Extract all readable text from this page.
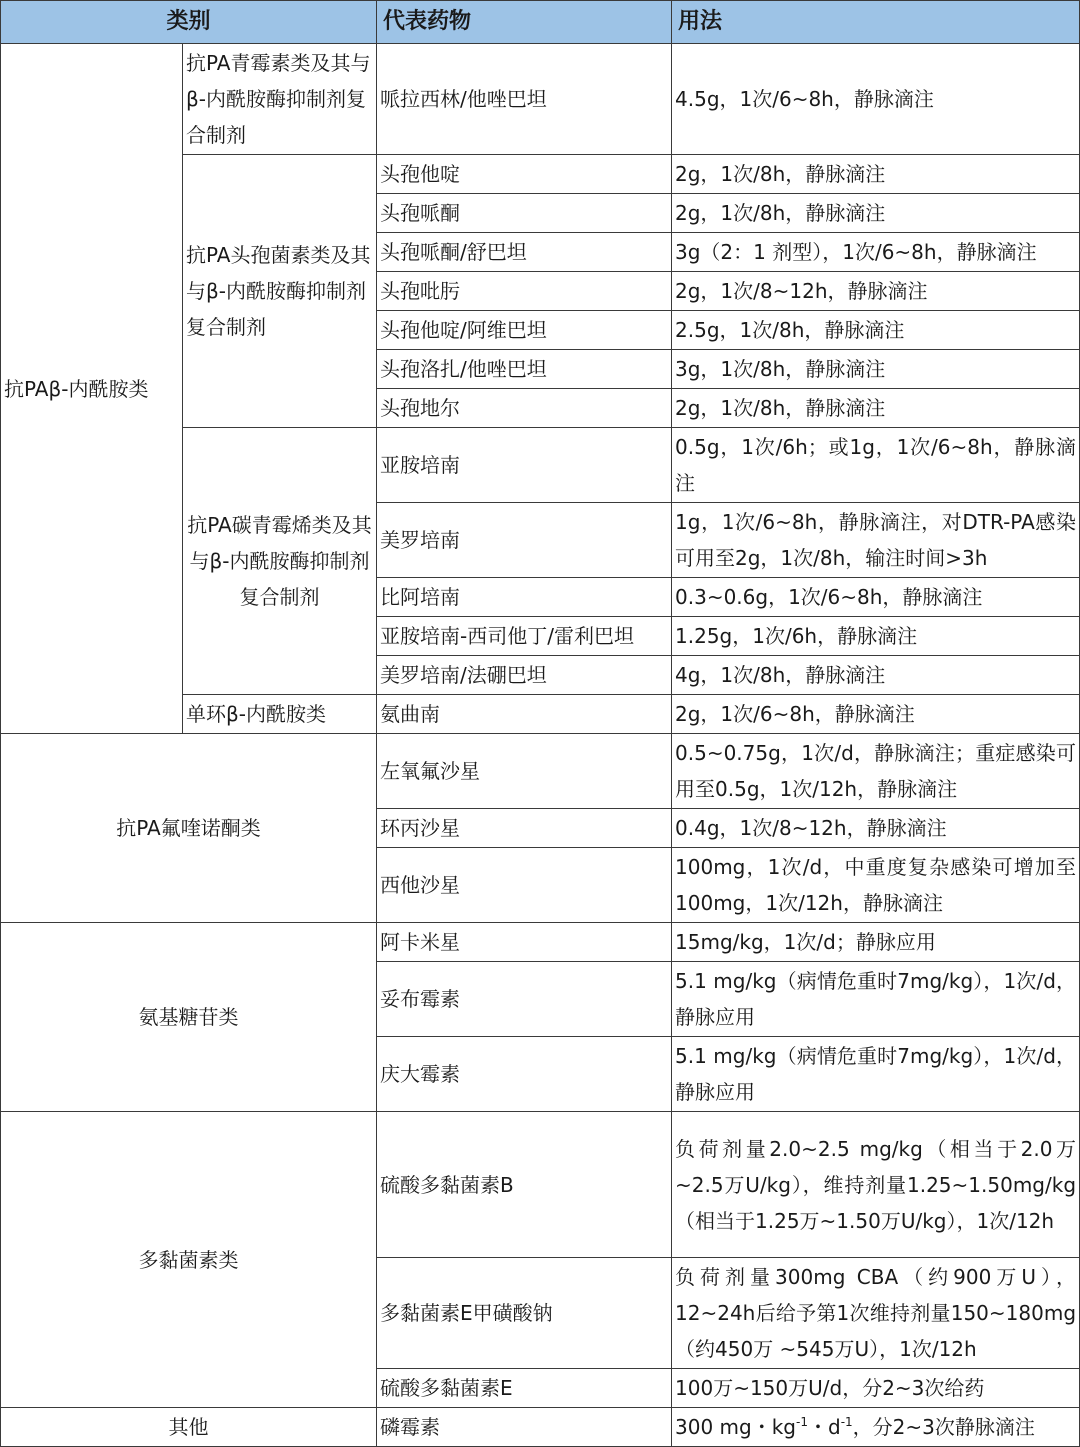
类别		代表药物	用法
抗PAβ-内酰胺类	抗PA青霉素类及其与β-内酰胺酶抑制剂复合制剂	哌拉西林/他唑巴坦	4.5g，1次/6~8h，静脉滴注
	抗PA头孢菌素类及其与β-内酰胺酶抑制剂复合制剂	头孢他啶	2g，1次/8h，静脉滴注
		头孢哌酮	2g，1次/8h，静脉滴注
		头孢哌酮/舒巴坦	3g（2：1 剂型），1次/6~8h，静脉滴注
		头孢吡肟	2g，1次/8~12h，静脉滴注
		头孢他啶/阿维巴坦	2.5g，1次/8h，静脉滴注
		头孢洛扎/他唑巴坦	3g，1次/8h，静脉滴注
		头孢地尔	2g，1次/8h，静脉滴注
	抗PA碳青霉烯类及其与β-内酰胺酶抑制剂复合制剂	亚胺培南	0.5g，1次/6h；或1g，1次/6~8h，静脉滴注
		美罗培南	1g，1次/6~8h，静脉滴注，对DTR-PA感染可用至2g，1次/8h，输注时间>3h
		比阿培南	0.3~0.6g，1次/6~8h，静脉滴注
		亚胺培南-西司他丁/雷利巴坦	1.25g，1次/6h，静脉滴注
		美罗培南/法硼巴坦	4g，1次/8h，静脉滴注
	单环β-内酰胺类	氨曲南	2g，1次/6~8h，静脉滴注
抗PA氟喹诺酮类		左氧氟沙星	0.5~0.75g，1次/d，静脉滴注；重症感染可用至0.5g，1次/12h，静脉滴注
		环丙沙星	0.4g，1次/8~12h，静脉滴注
		西他沙星	100mg，1次/d，中重度复杂感染可增加至100mg，1次/12h，静脉滴注
氨基糖苷类		阿卡米星	15mg/kg，1次/d；静脉应用
		妥布霉素	5.1 mg/kg（病情危重时7mg/kg），1次/d，静脉应用
		庆大霉素	5.1 mg/kg（病情危重时7mg/kg），1次/d，静脉应用
多黏菌素类		硫酸多黏菌素B	负荷剂量2.0~2.5 mg/kg（相当于2.0万~2.5万U/kg），维持剂量1.25~1.50mg/kg（相当于1.25万~1.50万U/kg），1次/12h
		多黏菌素E甲磺酸钠	负荷剂量300mg CBA（约900万U），12~24h后给予第1次维持剂量150~180mg（约450万 ~545万U），1次/12h
		硫酸多黏菌素E	100万~150万U/d，分2~3次给药
其他		磷霉素	300 mg・$kg^{-1}$・$d^{-1}$，分2~3次静脉滴注
